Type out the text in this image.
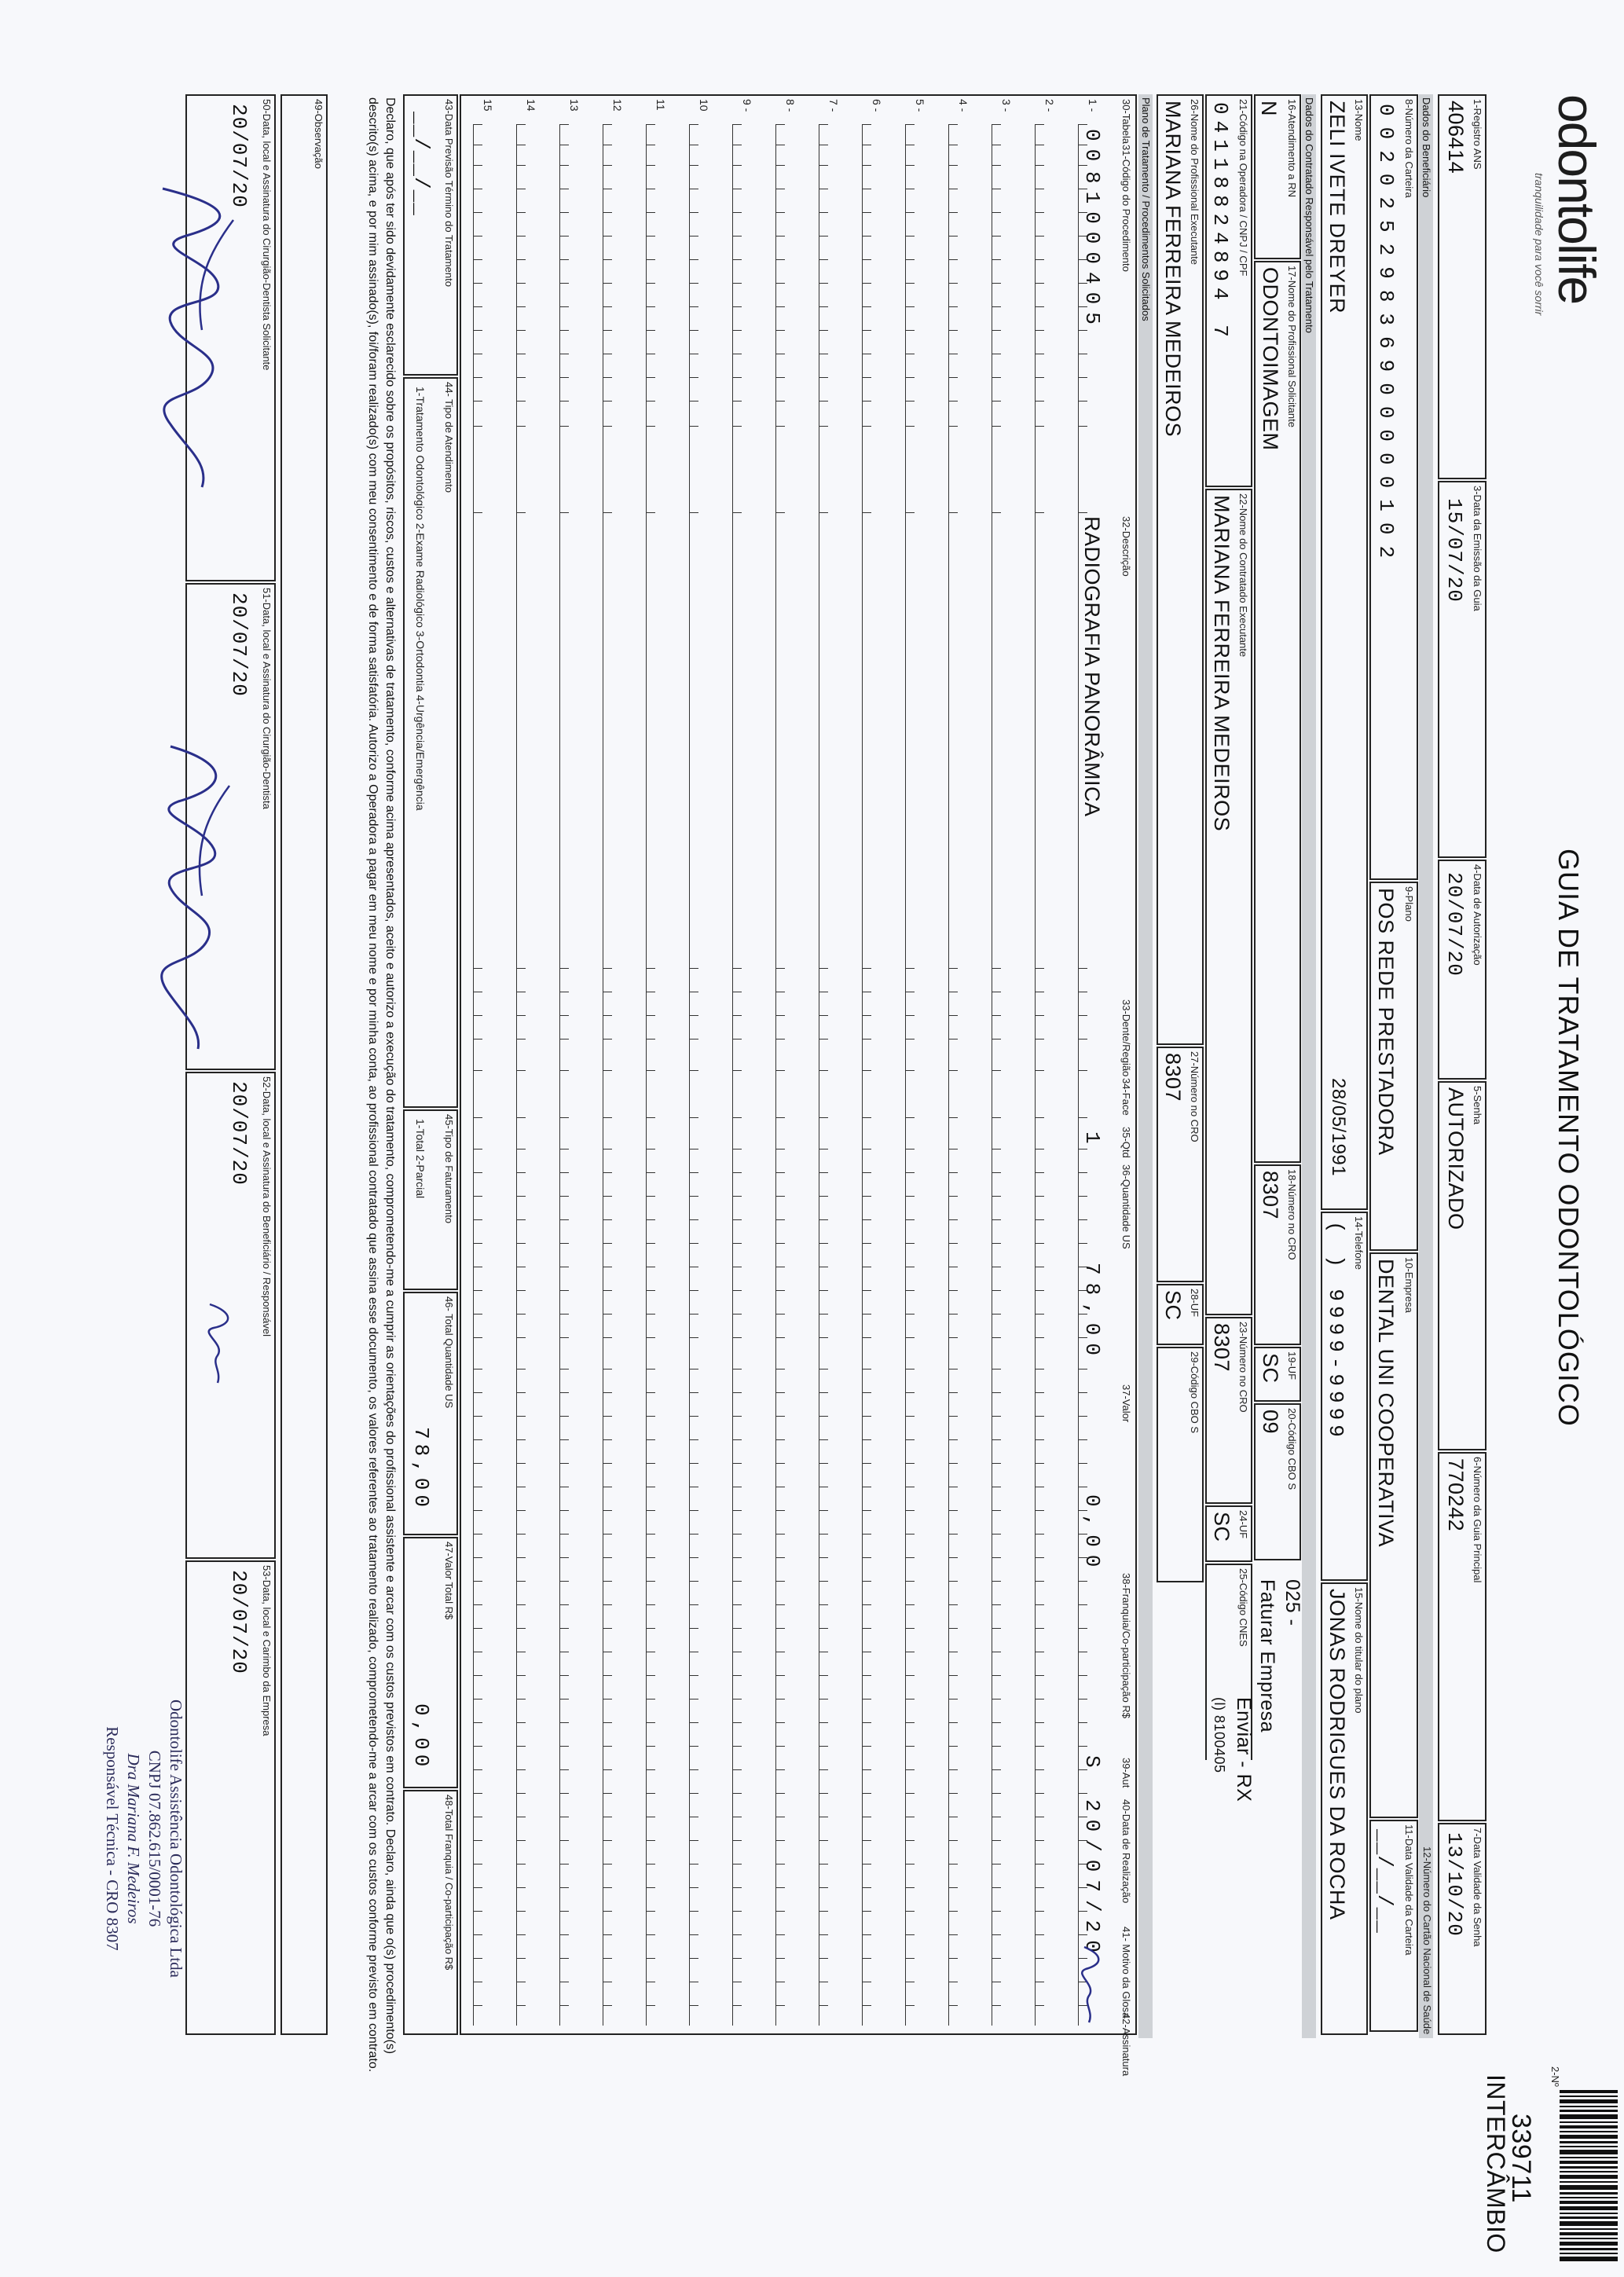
odontolife
tranquilidade para você sorrir
GUIA DE TRATAMENTO ODONTOLÓGICO
2-Nº
339711
INTERCÂMBIO
1-Registro ANS
406414
3-Data da Emissão da Guia
15/07/20
4-Data de Autorização
20/07/20
5-Senha
AUTORIZADO
6-Número da Guia Principal
770242
7-Data Validade da Senha
13/10/20
Dados do Beneficiário
8-Número da Carteira
00202529836900000102
9-Plano
POS REDE PRESTADORA
10-Empresa
DENTAL UNI COOPERATIVA
11-Data Validade da Carteira
__/__/__ 12-Número do Cartão Nacional de Saúde
13-Nome
ZELI IVETE DREYER
28/05/1991
14-Telefone
( ) 9999-9999
15-Nome do titular do plano
JONAS RODRIGUES DA ROCHA
Dados do Contratado Responsável pelo Tratamento
16-Atendimento a RN
N
17-Nome do Profissional Solicitante
ODONTOIMAGEM
18-Número no CRO
8307
19-UF
SC
20-Código CBO S
09
025 -
Faturar Empresa
21-Código na Operadora / CNPJ / CPF
04118824894 7
22-Nome do Contratado Executante
MARIANA FERREIRA MEDEIROS
23-Número no CRO
8307
24-UF
SC
25-Código CNES
Enviar - RX
(l) 8100405
26-Nome do Profissional Executante
MARIANA FERREIRA MEDEIROS
27-Número no CRO
8307
28-UF
SC
29-Código CBO S
Plano de Tratamento / Procedimentos Solicitados
30-Tabela
31-Código do Procedimento
32-Descrição
33-Dente/Região
34-Face
35-Qtd
36-Quantidade US
37-Valor
38-Franquia/Co-participação R$
39-Aut
40-Data de Realização
41- Motivo da Glosa
42-Assinatura
1 -
00
81000405
RADIOGRAFIA PANORÂMICA
1
78,00
0,00
S
20/07/20
2 -
3 -
4 -
5 -
6 -
7 -
8 -
9 -
10
11
12
13
14
15
43-Data Previsão Término do Tratamento
__/__/__
44- Tipo de Atendimento
1-Tratamento Odontológico 2-Exame Radiológico 3-Ortodontia 4-Urgência/Emergência
45-Tipo de Faturamento
1-Total 2-Parcial
46- Total Quantidade US
78,00
47-Valor Total R$
0,00
48-Total Franquia / Co-participação R$
Declaro, que após ter sido devidamente esclarecido sobre os propósitos, riscos, custos e alternativas de tratamento, conforme acima apresentados, aceito e autorizo a execução do tratamento, comprometendo-me a cumprir as orientações do profissional assistente e arcar com os custos previstos em contrato. Declaro, ainda que o(s) procedimento(s) descrito(s) acima, e por mim assinado(s), foi/foram realizado(s) com meu consentimento e de forma satisfatória. Autorizo a Operadora a pagar em meu nome e por minha conta, ao profissional contratado que assina esse documento, os valores referentes ao tratamento realizado, comprometendo-me a arcar com os custos conforme previsto em contrato.
49-Observação
50-Data, local e Assinatura do Cirurgião-Dentista Solicitante
20/07/20
51-Data, local e Assinatura do Cirurgião-Dentista
20/07/20
52-Data, local e Assinatura do Beneficiário / Responsável
20/07/20
53-Data, local e Carimbo da Empresa
20/07/20
Odontolife Assistência Odontológica Ltda
CNPJ 07.862.615/0001-76
Dra Mariana F. Medeiros
Responsável Técnica - CRO 8307
